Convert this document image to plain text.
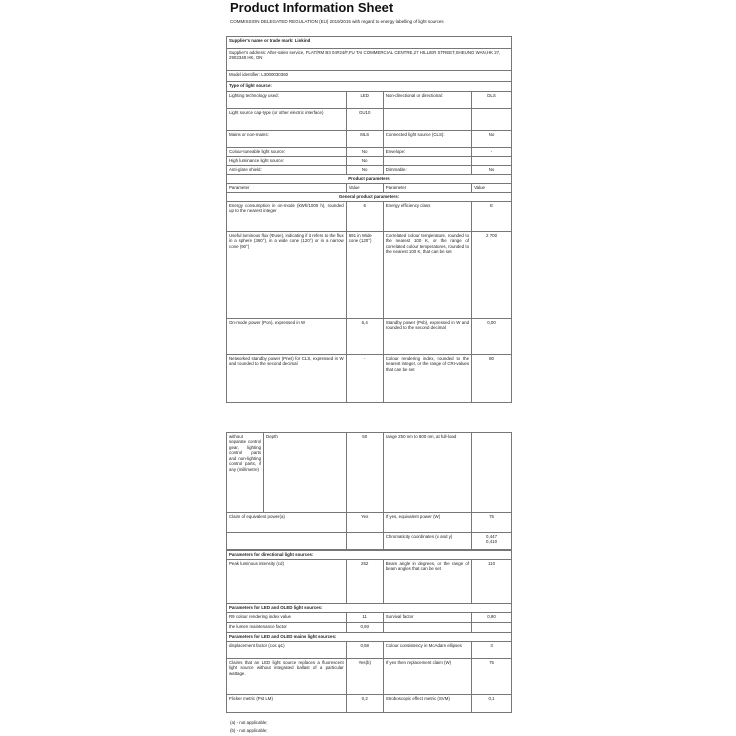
Product Information Sheet
COMMISSION DELEGATED REGULATION (EU) 2019/2015 with regard to energy labelling of light sources
Supplier's name or trade mark: Linkind			
Supplier's address: After-sales service, FLAT/RM B3 04#24/F,FU TAI COMMERCIAL CENTRE,27 HILLIER STREET,SHEUNG WAN,HK 27, 2902348 HK, ON			
Model identifier: L3000030360			
Type of light source:			
Lighting technology used:	LED	Non-directional or directional:	DLS
Light source cap-type (or other electric interface)	GU10		
Mains or non-mains:	MLS	Connected light source (CLS):	No
Colour-tuneable light source:	No	Envelope:	-
High luminance light source:	No		
Anti-glare shield:	No	Dimmable:	No
Product parameters			
Parameter	Value	Parameter	Value
General product parameters:			
Energy consumption in on-mode (kWh/1000 h), rounded up to the nearest integer	6	Energy efficiency class	E
Useful luminous flux (Φuse), indicating if it refers to the flux in a sphere (360°), in a wide cone (120°) or in a narrow cone (90°)	591 in Wide cone (120°)	Correlated colour temperature, rounded to the nearest 100 K, or the range of correlated colour temperatures, rounded to the nearest 100 K, that can be set	2 700
On-mode power (Pon), expressed in W	6,4	Standby power (Psb), expressed in W and rounded to the second decimal	0,00
Networked standby power (Pnet) for CLS, expressed in W and rounded to the second decimal	-	Colour rendering index, rounded to the nearest integer, or the range of CRI-values that can be set	80
without separate control gear, lighting control parts and non-lighting control parts, if any (millimetre)	Depth	50	range 250 nm to 800 nm, at full-load	
Claim of equivalent power(a)		Yes	If yes, equivalent power (W)	75
			Chromaticity coordinates (x and y)	0,447
0,410
Parameters for directional light sources:			
Peak luminous intensity (cd)	252	Beam angle in degrees, or the range of beam angles that can be set	110
Parameters for LED and OLED light sources:			
R9 colour rendering index value	11	Survival factor	0,90
the lumen maintenance factor	0,93		
Parameters for LED and OLED mains light sources:			
displacement factor (cos φ1)	0,58	Colour consistency in McAdam ellipses	3
Claims that an LED light source replaces a fluorescent light source without integrated ballast of a particular wattage.	Yes(b)	If yes then replacement claim (W)	75
Flicker metric (Pst LM)	0,2	Stroboscopic effect metric (SVM)	0,1
(a) - not applicable;
(b) - not applicable;
